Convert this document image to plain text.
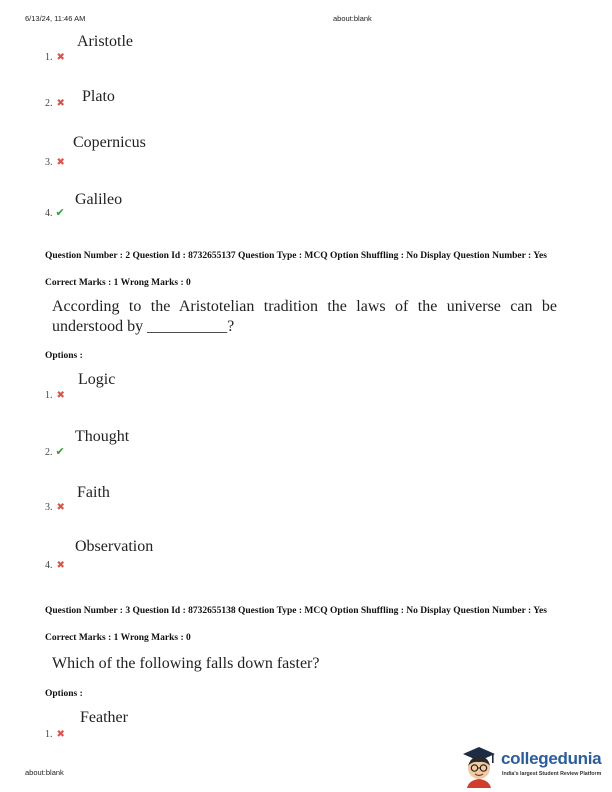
6/13/24, 11:46 AM	about:blank
Aristotle
1. ✖
Plato
2. ✖
Copernicus
3. ✖
Galileo
4. ✔
Question Number : 2 Question Id : 8732655137 Question Type : MCQ Option Shuffling : No Display Question Number : Yes
Correct Marks : 1 Wrong Marks : 0
According to the Aristotelian tradition the laws of the universe can be understood by __________?
Options :
Logic
1. ✖
Thought
2. ✔
Faith
3. ✖
Observation
4. ✖
Question Number : 3 Question Id : 8732655138 Question Type : MCQ Option Shuffling : No Display Question Number : Yes
Correct Marks : 1 Wrong Marks : 0
Which of the following falls down faster?
Options :
Feather
1. ✖
about:blank
collegedunia
India's largest Student Review Platform
